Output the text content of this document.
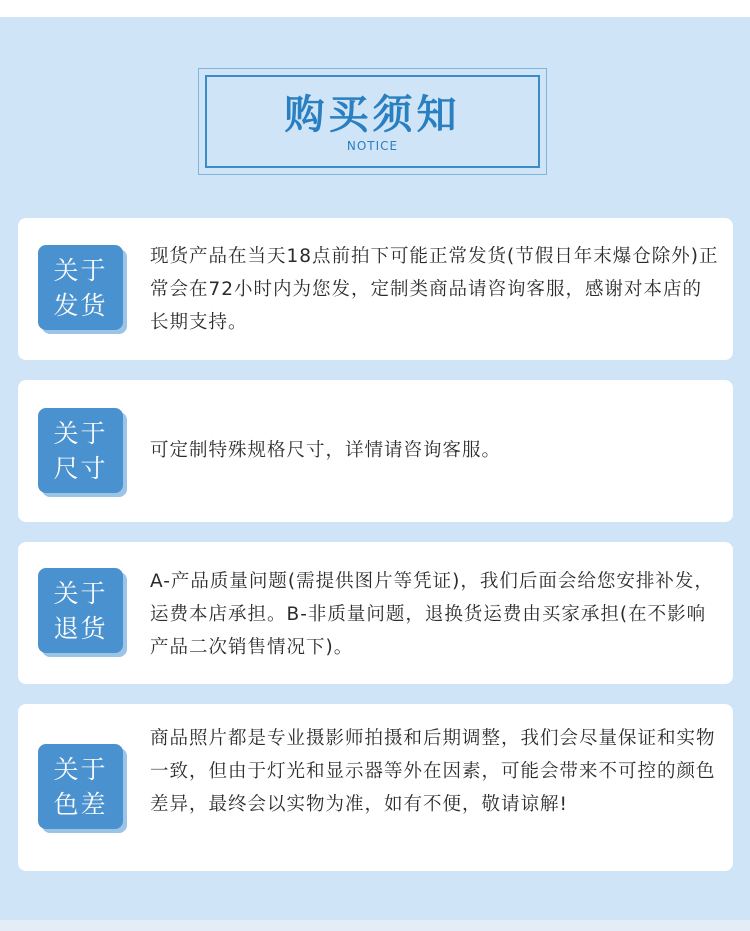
购买须知
NOTICE
关于
发货
现货产品在当天18点前拍下可能正常发货(节假日年末爆仓除外)正常会在72小时内为您发，定制类商品请咨询客服，感谢对本店的长期支持。
关于
尺寸
可定制特殊规格尺寸，详情请咨询客服。
关于
退货
A-产品质量问题(需提供图片等凭证)，我们后面会给您安排补发，运费本店承担。B-非质量问题，退换货运费由买家承担(在不影响产品二次销售情况下)。
关于
色差
商品照片都是专业摄影师拍摄和后期调整，我们会尽量保证和实物一致，但由于灯光和显示器等外在因素，可能会带来不可控的颜色差异，最终会以实物为准，如有不便，敬请谅解!
